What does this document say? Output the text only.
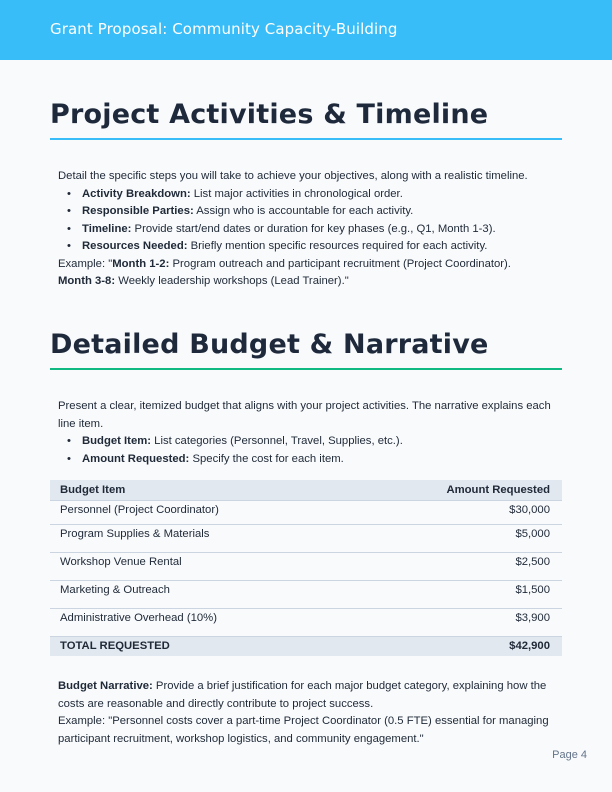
Grant Proposal: Community Capacity-Building
Project Activities & Timeline

Detail the specific steps you will take to achieve your objectives, along with a realistic timeline.

• Activity Breakdown: List major activities in chronological order.
• Responsible Parties: Assign who is accountable for each activity.
• Timeline: Provide start/end dates or duration for key phases (e.g., Q1, Month 1-3).
• Resources Needed: Briefly mention specific resources required for each activity.

Example: "Month 1-2: Program outreach and participant recruitment (Project Coordinator).
Month 3-8: Weekly leadership workshops (Lead Trainer)."

Detailed Budget & Narrative

Present a clear, itemized budget that aligns with your project activities. The narrative explains each line item.

• Budget Item: List categories (Personnel, Travel, Supplies, etc.).
• Amount Requested: Specify the cost for each item.
Budget Item	Amount Requested
Personnel (Project Coordinator)	$30,000
Program Supplies & Materials	$5,000
Workshop Venue Rental	$2,500
Marketing & Outreach	$1,500
Administrative Overhead (10%)	$3,900
TOTAL REQUESTED	$42,900

Budget Narrative: Provide a brief justification for each major budget category, explaining how the costs are reasonable and directly contribute to project success.

Example: "Personnel costs cover a part-time Project Coordinator (0.5 FTE) essential for managing participant recruitment, workshop logistics, and community engagement."

Page 4
